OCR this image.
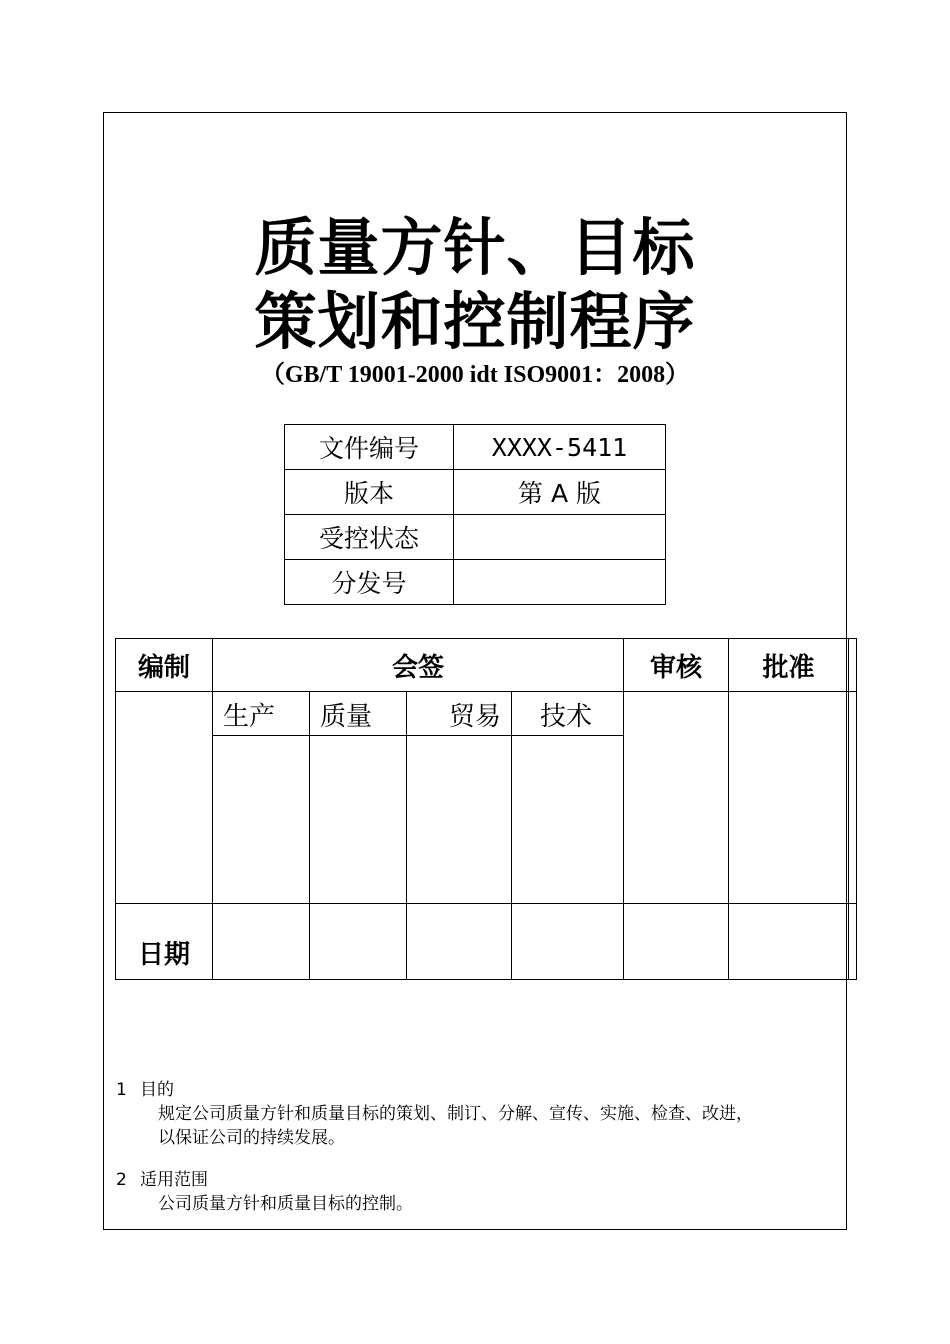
质量方针、目标
策划和控制程序
（GB/T 19001-2000 idt ISO9001：2008）
文件编号	XXXX-5411
版本	第 A 版
受控状态	
分发号	
编制	会签				审核	批准	
	生产	质量	贸易	技术			

日期							
1 目的
规定公司质量方针和质量目标的策划、制订、分解、宣传、实施、检查、改进，
以保证公司的持续发展。
2 适用范围
公司质量方针和质量目标的控制。
